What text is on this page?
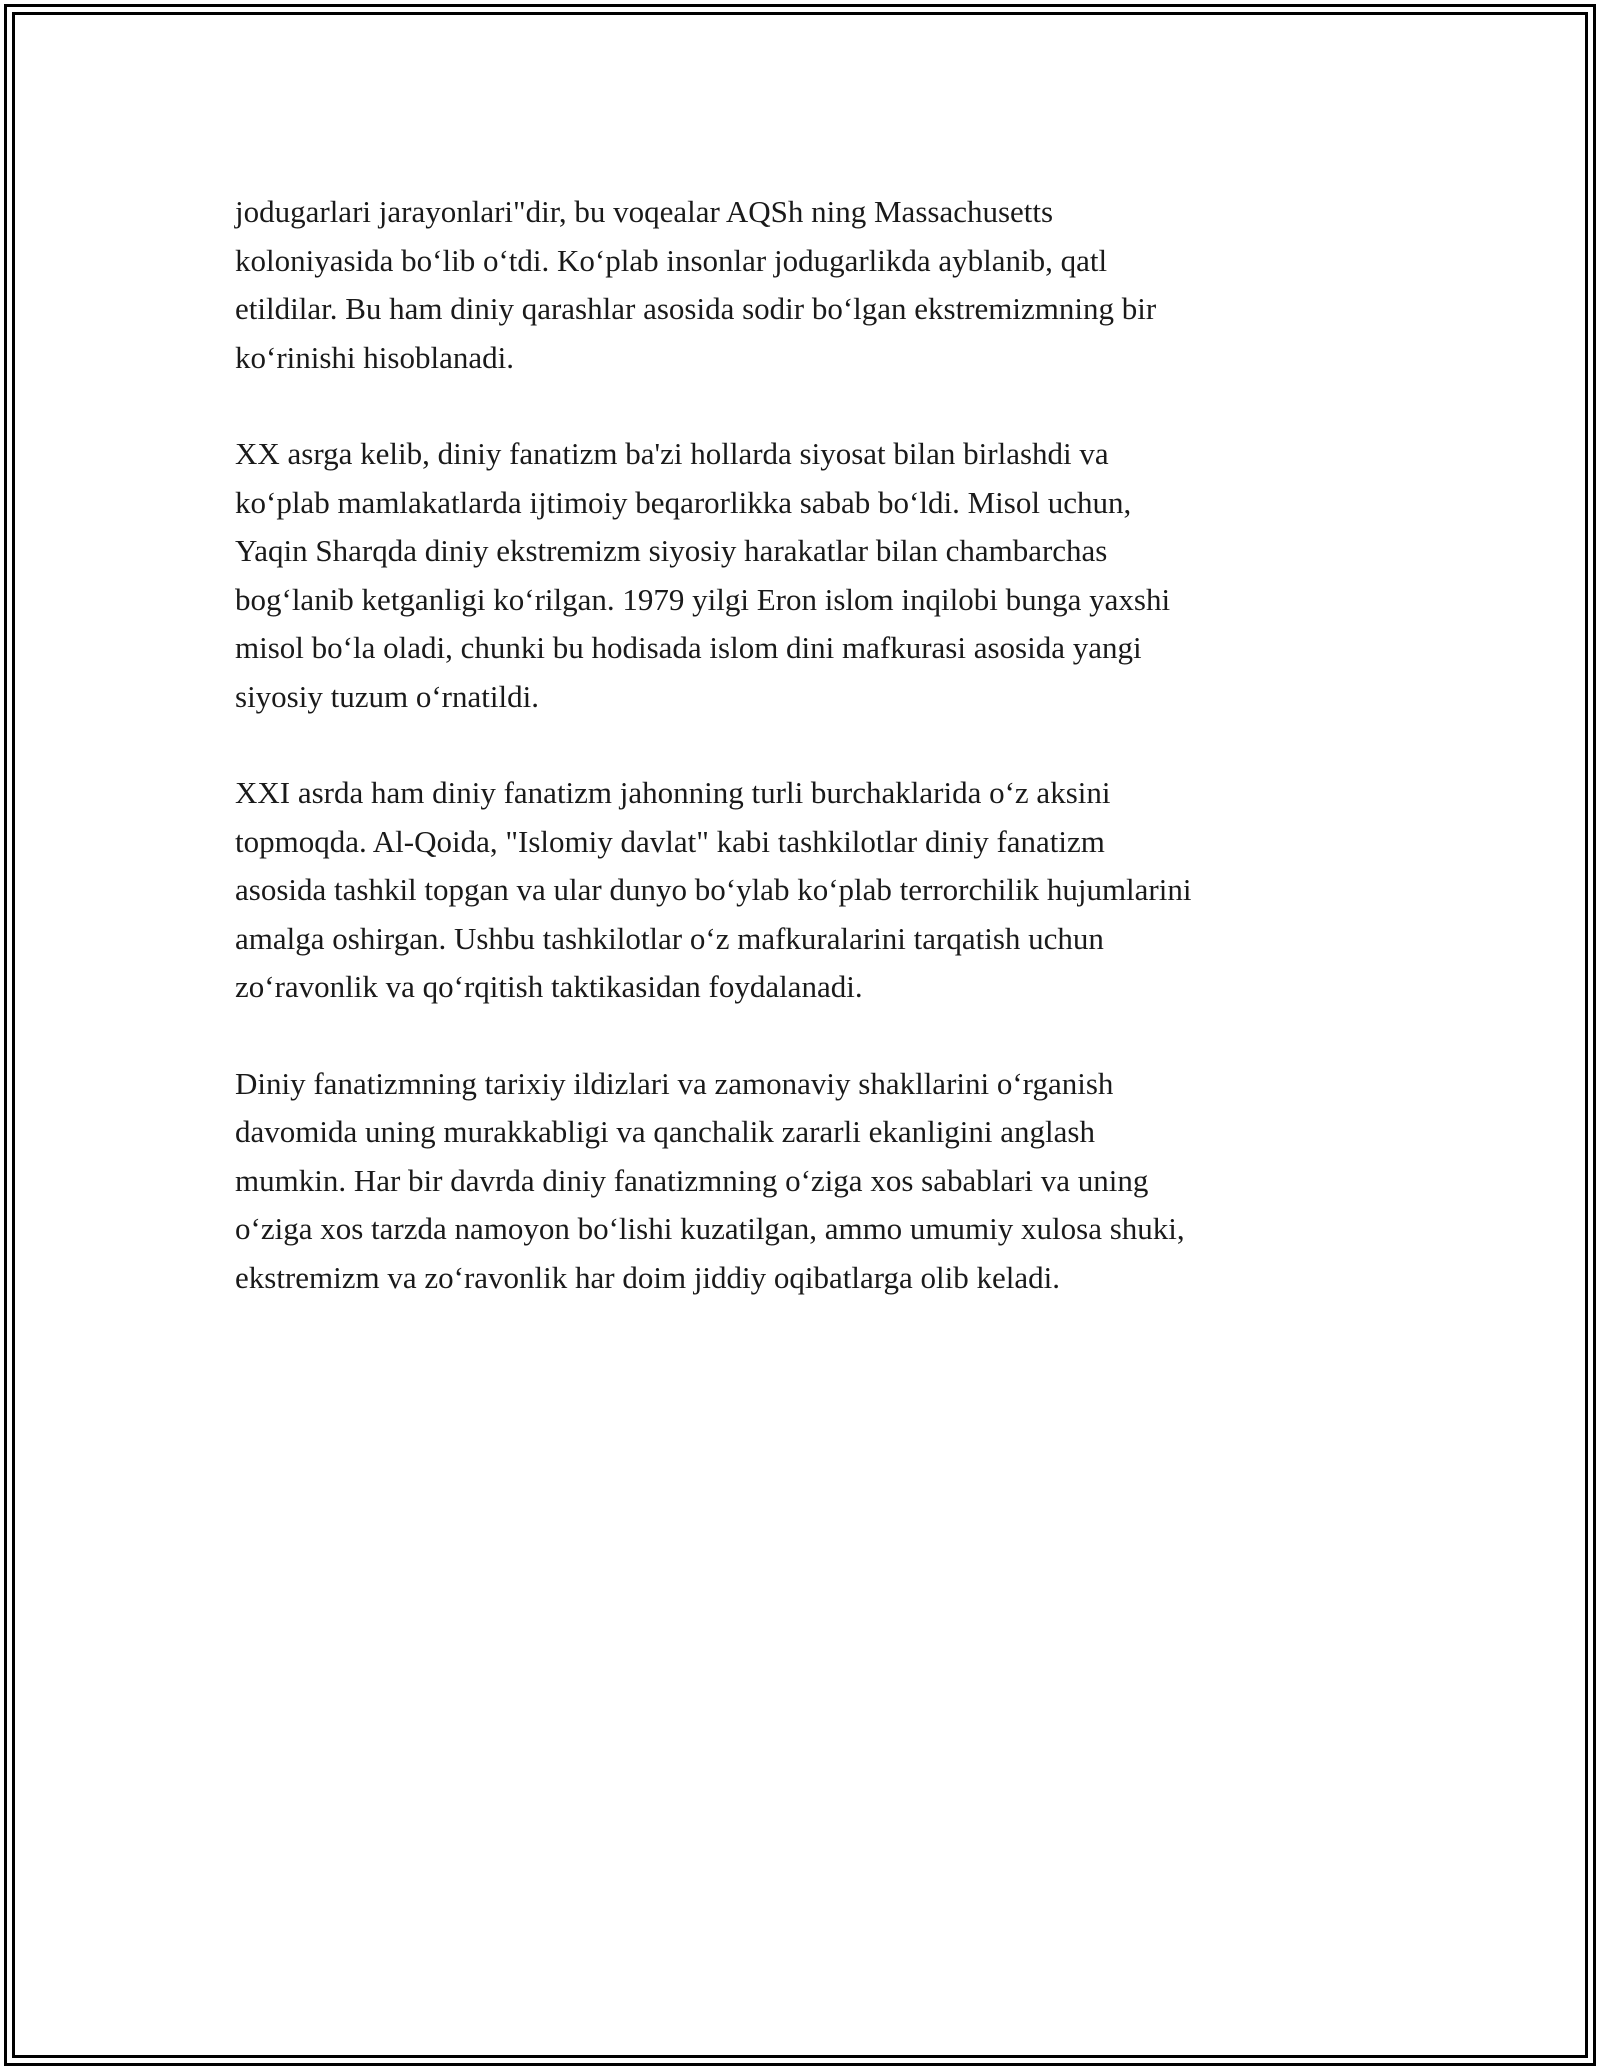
jodugarlari jarayonlari"dir, bu voqealar AQSh ning Massachusetts
koloniyasida bo‘lib o‘tdi. Ko‘plab insonlar jodugarlikda ayblanib, qatl
etildilar. Bu ham diniy qarashlar asosida sodir bo‘lgan ekstremizmning bir
ko‘rinishi hisoblanadi.

XX asrga kelib, diniy fanatizm ba'zi hollarda siyosat bilan birlashdi va
ko‘plab mamlakatlarda ijtimoiy beqarorlikka sabab bo‘ldi. Misol uchun,
Yaqin Sharqda diniy ekstremizm siyosiy harakatlar bilan chambarchas
bog‘lanib ketganligi ko‘rilgan. 1979 yilgi Eron islom inqilobi bunga yaxshi
misol bo‘la oladi, chunki bu hodisada islom dini mafkurasi asosida yangi
siyosiy tuzum o‘rnatildi.

XXI asrda ham diniy fanatizm jahonning turli burchaklarida o‘z aksini
topmoqda. Al-Qoida, "Islomiy davlat" kabi tashkilotlar diniy fanatizm
asosida tashkil topgan va ular dunyo bo‘ylab ko‘plab terrorchilik hujumlarini
amalga oshirgan. Ushbu tashkilotlar o‘z mafkuralarini tarqatish uchun
zo‘ravonlik va qo‘rqitish taktikasidan foydalanadi.

Diniy fanatizmning tarixiy ildizlari va zamonaviy shakllarini o‘rganish
davomida uning murakkabligi va qanchalik zararli ekanligini anglash
mumkin. Har bir davrda diniy fanatizmning o‘ziga xos sabablari va uning
o‘ziga xos tarzda namoyon bo‘lishi kuzatilgan, ammo umumiy xulosa shuki,
ekstremizm va zo‘ravonlik har doim jiddiy oqibatlarga olib keladi.
